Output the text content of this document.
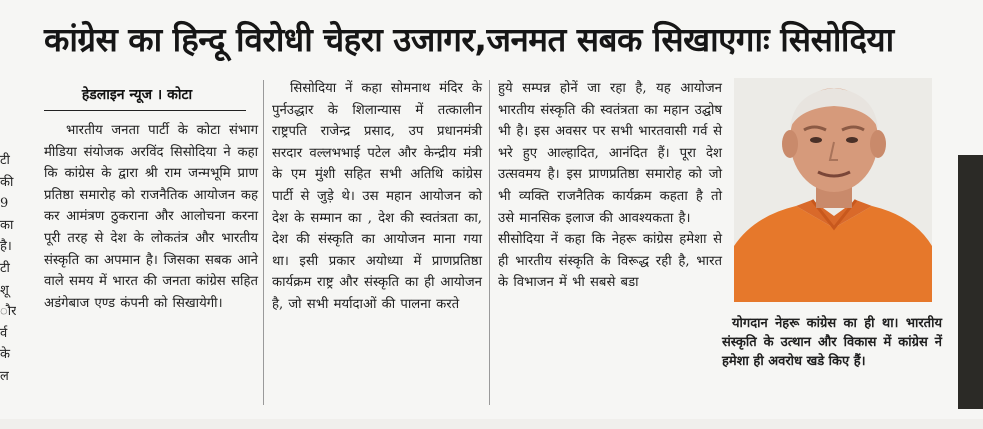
कांग्रेस का हिन्दू विरोधी चेहरा उजागर,जनमत सबक सिखाएगाः सिसोदिया
हेडलाइन न्यूज । कोटा
टी
की
9
का
है।
टी
शू
ौर
र्व
के
ल
भारतीय जनता पार्टी के कोटा संभाग मीडिया संयोजक अरविंद सिसोदिया ने कहा कि कांग्रेस के द्वारा श्री राम जन्मभूमि प्राण प्रतिष्ठा समारोह को राजनैतिक आयोजन कह कर आमंत्रण ठुकराना और आलोचना करना पूरी तरह से देश के लोकतंत्र और भारतीय संस्कृति का अपमान है। जिसका सबक आने वाले समय में भारत की जनता कांग्रेस सहित अडंगेबाज एण्ड कंपनी को सिखायेगी।
सिसोदिया नें कहा सोमनाथ मंदिर के पुर्नउद्धार के शिलान्यास में तत्कालीन राष्ट्रपति राजेन्द्र प्रसाद, उप प्रधानमंत्री सरदार वल्लभभाई पटेल और केन्द्रीय मंत्री के एम मुंशी सहित सभी अतिथि कांग्रेस पार्टी से जुड़े थे। उस महान आयोजन को देश के सम्मान का , देश की स्वतंत्रता का, देश की संस्कृति का आयोजन माना गया था। इसी प्रकार अयोध्या में प्राणप्रतिष्ठा कार्यक्रम राष्ट्र और संस्कृति का ही आयोजन है, जो सभी मर्यादाओं की पालना करते
हुये सम्पन्न होनें जा रहा है, यह आयोजन भारतीय संस्कृति की स्वतंत्रता का महान उद्घोष भी है। इस अवसर पर सभी भारतवासी गर्व से भरे हुए आल्हादित, आनंदित हैं। पूरा देश उत्सवमय है। इस प्राणप्रतिष्ठा समारोह को जो भी व्यक्ति राजनैतिक कार्यक्रम कहता है तो उसे मानसिक इलाज की आवश्यकता है।
सीसोदिया नें कहा कि नेहरू कांग्रेस हमेशा से ही भारतीय संस्कृति के विरूद्ध रही है, भारत के विभाजन में भी सबसे बडा
योगदान नेहरू कांग्रेस का ही था। भारतीय संस्कृति के उत्थान और विकास में कांग्रेस नें हमेशा ही अवरोध खडे किए हैं।
